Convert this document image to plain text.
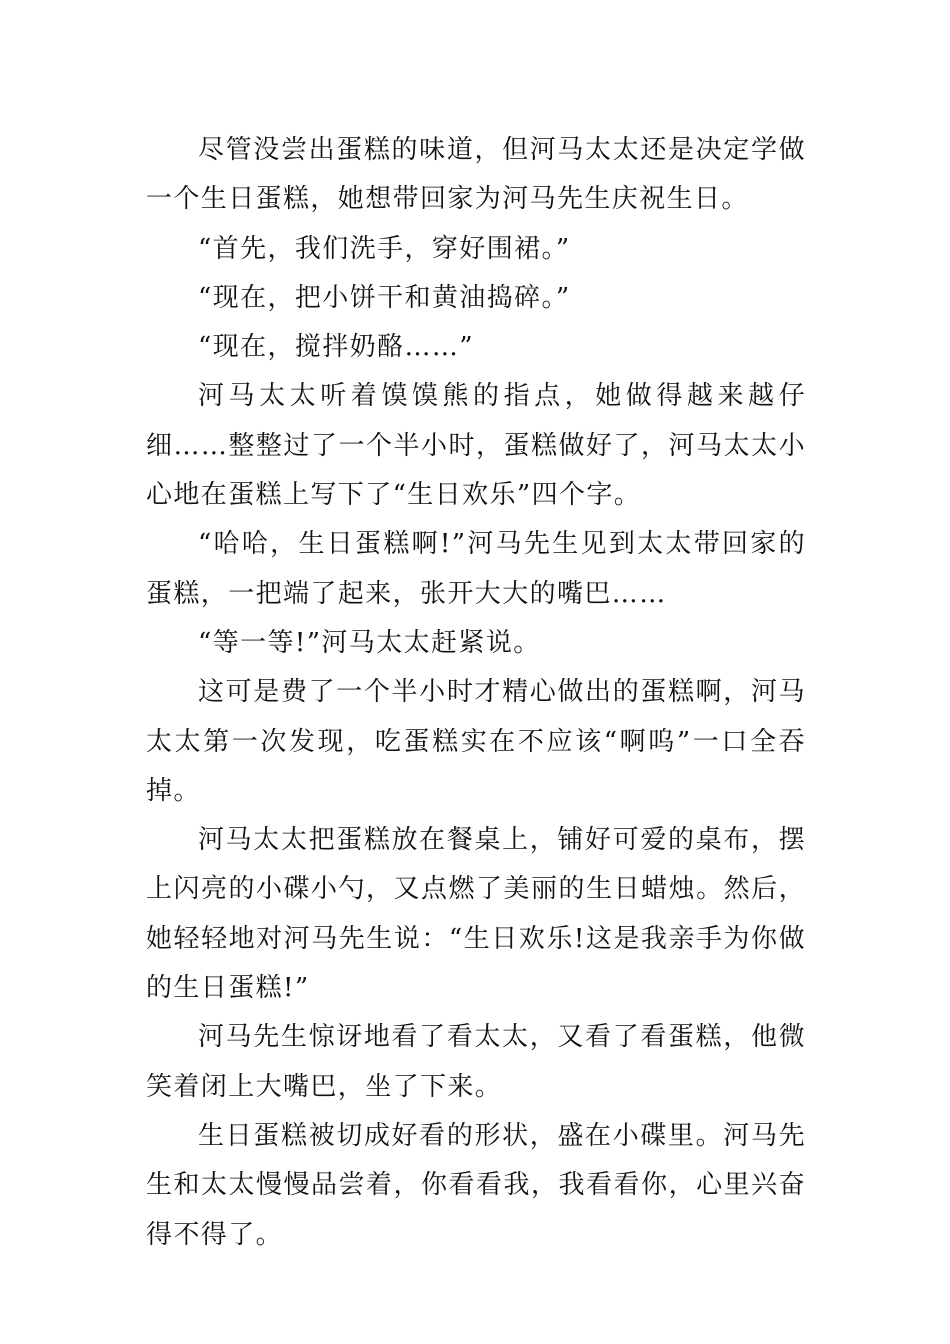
尽管没尝出蛋糕的味道，但河马太太还是决定学做一个生日蛋糕，她想带回家为河马先生庆祝生日。

“首先，我们洗手，穿好围裙。”

“现在，把小饼干和黄油捣碎。”

“现在，搅拌奶酪……”

河马太太听着馍馍熊的指点，她做得越来越仔细……整整过了一个半小时，蛋糕做好了，河马太太小心地在蛋糕上写下了“生日欢乐”四个字。

“哈哈，生日蛋糕啊!”河马先生见到太太带回家的蛋糕，一把端了起来，张开大大的嘴巴……

“等一等!”河马太太赶紧说。

这可是费了一个半小时才精心做出的蛋糕啊，河马太太第一次发现，吃蛋糕实在不应该“啊呜”一口全吞掉。

河马太太把蛋糕放在餐桌上，铺好可爱的桌布，摆上闪亮的小碟小勺，又点燃了美丽的生日蜡烛。然后，她轻轻地对河马先生说：“生日欢乐!这是我亲手为你做的生日蛋糕!”

河马先生惊讶地看了看太太，又看了看蛋糕，他微笑着闭上大嘴巴，坐了下来。

生日蛋糕被切成好看的形状，盛在小碟里。河马先生和太太慢慢品尝着，你看看我，我看看你，心里兴奋得不得了。
